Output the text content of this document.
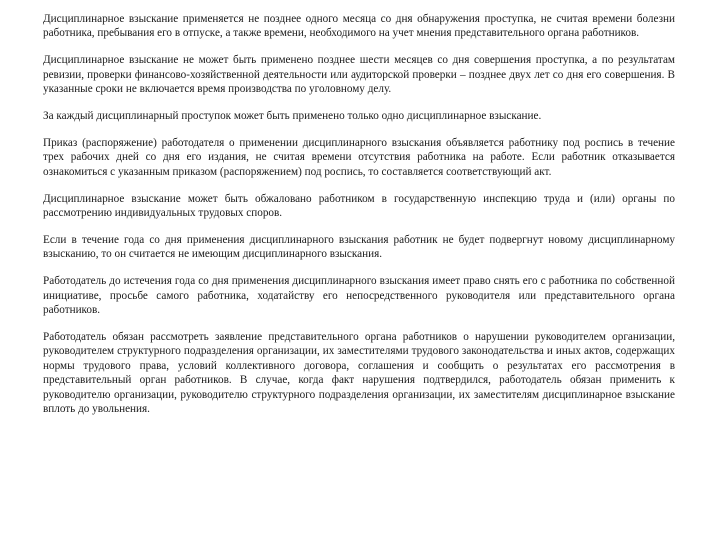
Дисциплинарное взыскание применяется не позднее одного месяца со дня обнаружения проступка, не считая времени болезни работника, пребывания его в отпуске, а также времени, необходимого на учет мнения представительного органа работников.

Дисциплинарное взыскание не может быть применено позднее шести месяцев со дня совершения проступка, а по результатам ревизии, проверки финансово-хозяйственной деятельности или аудиторской проверки – позднее двух лет со дня его совершения. В указанные сроки не включается время производства по уголовному делу.

За каждый дисциплинарный проступок может быть применено только одно дисциплинарное взыскание.

Приказ (распоряжение) работодателя о применении дисциплинарного взыскания объявляется работнику под роспись в течение трех рабочих дней со дня его издания, не считая времени отсутствия работника на работе. Если работник отказывается ознакомиться с указанным приказом (распоряжением) под роспись, то составляется соответствующий акт.

Дисциплинарное взыскание может быть обжаловано работником в государственную инспекцию труда и (или) органы по рассмотрению индивидуальных трудовых споров.

Если в течение года со дня применения дисциплинарного взыскания работник не будет подвергнут новому дисциплинарному взысканию, то он считается не имеющим дисциплинарного взыскания.

Работодатель до истечения года со дня применения дисциплинарного взыскания имеет право снять его с работника по собственной инициативе, просьбе самого работника, ходатайству его непосредственного руководителя или представительного органа работников.

Работодатель обязан рассмотреть заявление представительного органа работников о нарушении руководителем организации, руководителем структурного подразделения организации, их заместителями трудового законодательства и иных актов, содержащих нормы трудового права, условий коллективного договора, соглашения и сообщить о результатах его рассмотрения в представительный орган работников. В случае, когда факт нарушения подтвердился, работодатель обязан применить к руководителю организации, руководителю структурного подразделения организации, их заместителям дисциплинарное взыскание вплоть до увольнения.
